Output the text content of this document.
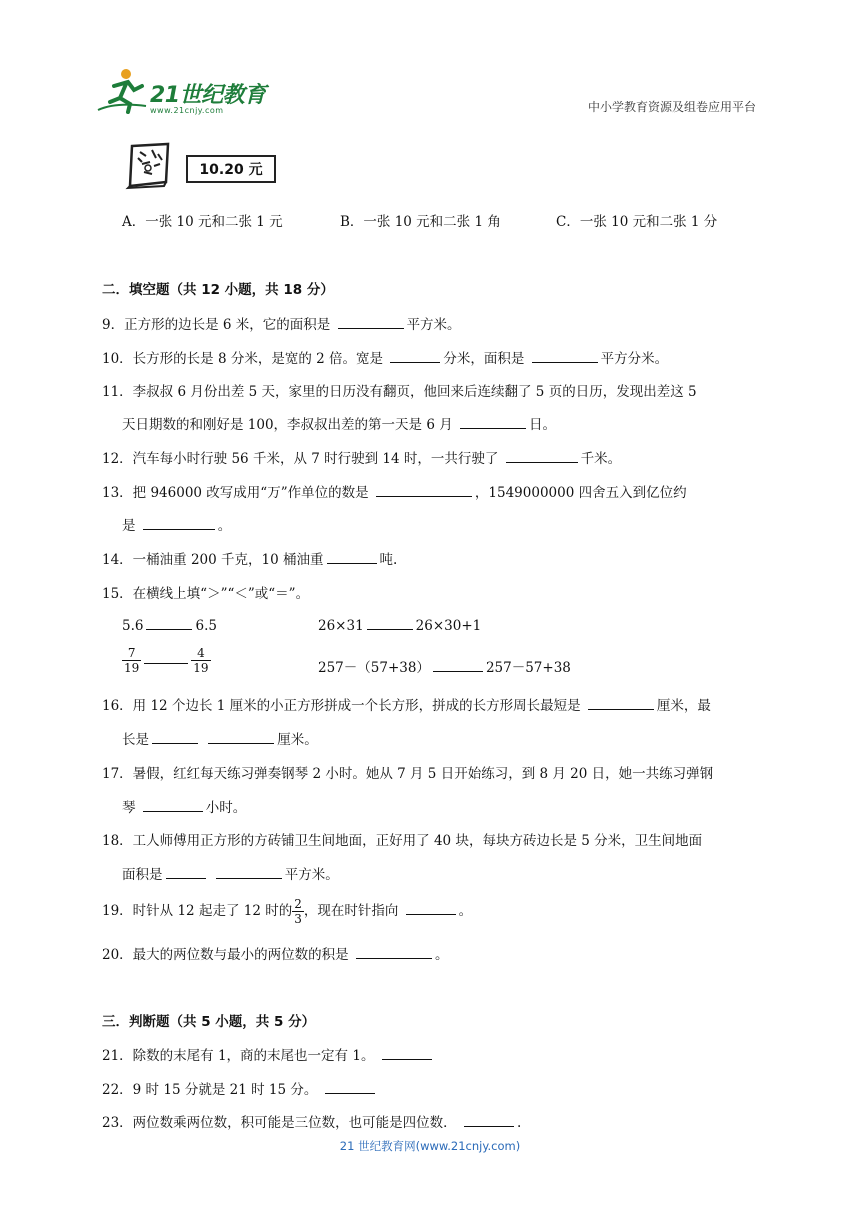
21世纪教育
www.21cnjy.com	中小学教育资源及组卷应用平台
10.20 元
A．一张 10 元和二张 1 元	B．一张 10 元和二张 1 角	C．一张 10 元和二张 1 分
二．填空题（共 12 小题，共 18 分）
9．正方形的边长是 6 米，它的面积是	平方米。
10．长方形的长是 8 分米，是宽的 2 倍。宽是	分米，面积是	平方分米。
11．李叔叔 6 月份出差 5 天，家里的日历没有翻页，他回来后连续翻了 5 页的日历，发现出差这 5
天日期数的和刚好是 100，李叔叔出差的第一天是 6 月	日。
12．汽车每小时行驶 56 千米，从 7 时行驶到 14 时，一共行驶了	千米。
13．把 946000 改写成用“万”作单位的数是	，1549000000 四舍五入到亿位约
是	。
14．一桶油重 200 千克，10 桶油重	吨.
15．在横线上填“＞”“＜”或“＝”。
5.6	6.5	26×31	26×30+1
$\frac{7}{19}$	$\frac{4}{19}$	257－（57+38）	257－57+38
16．用 12 个边长 1 厘米的小正方形拼成一个长方形，拼成的长方形周长最短是	厘米，最
长是	厘米。
17．暑假，红红每天练习弹奏钢琴 2 小时。她从 7 月 5 日开始练习，到 8 月 20 日，她一共练习弹钢
琴	小时。
18．工人师傅用正方形的方砖铺卫生间地面，正好用了 40 块，每块方砖边长是 5 分米，卫生间地面
面积是	平方米。
19．时针从 12 起走了 12 时的 $\frac{2}{3}$ ，现在时针指向	。
20．最大的两位数与最小的两位数的积是	。
三．判断题（共 5 小题，共 5 分）
21．除数的末尾有 1，商的末尾也一定有 1。
22．9 时 15 分就是 21 时 15 分。
23．两位数乘两位数，积可能是三位数，也可能是四位数．	.
21 世纪教育网(www.21cnjy.com)
